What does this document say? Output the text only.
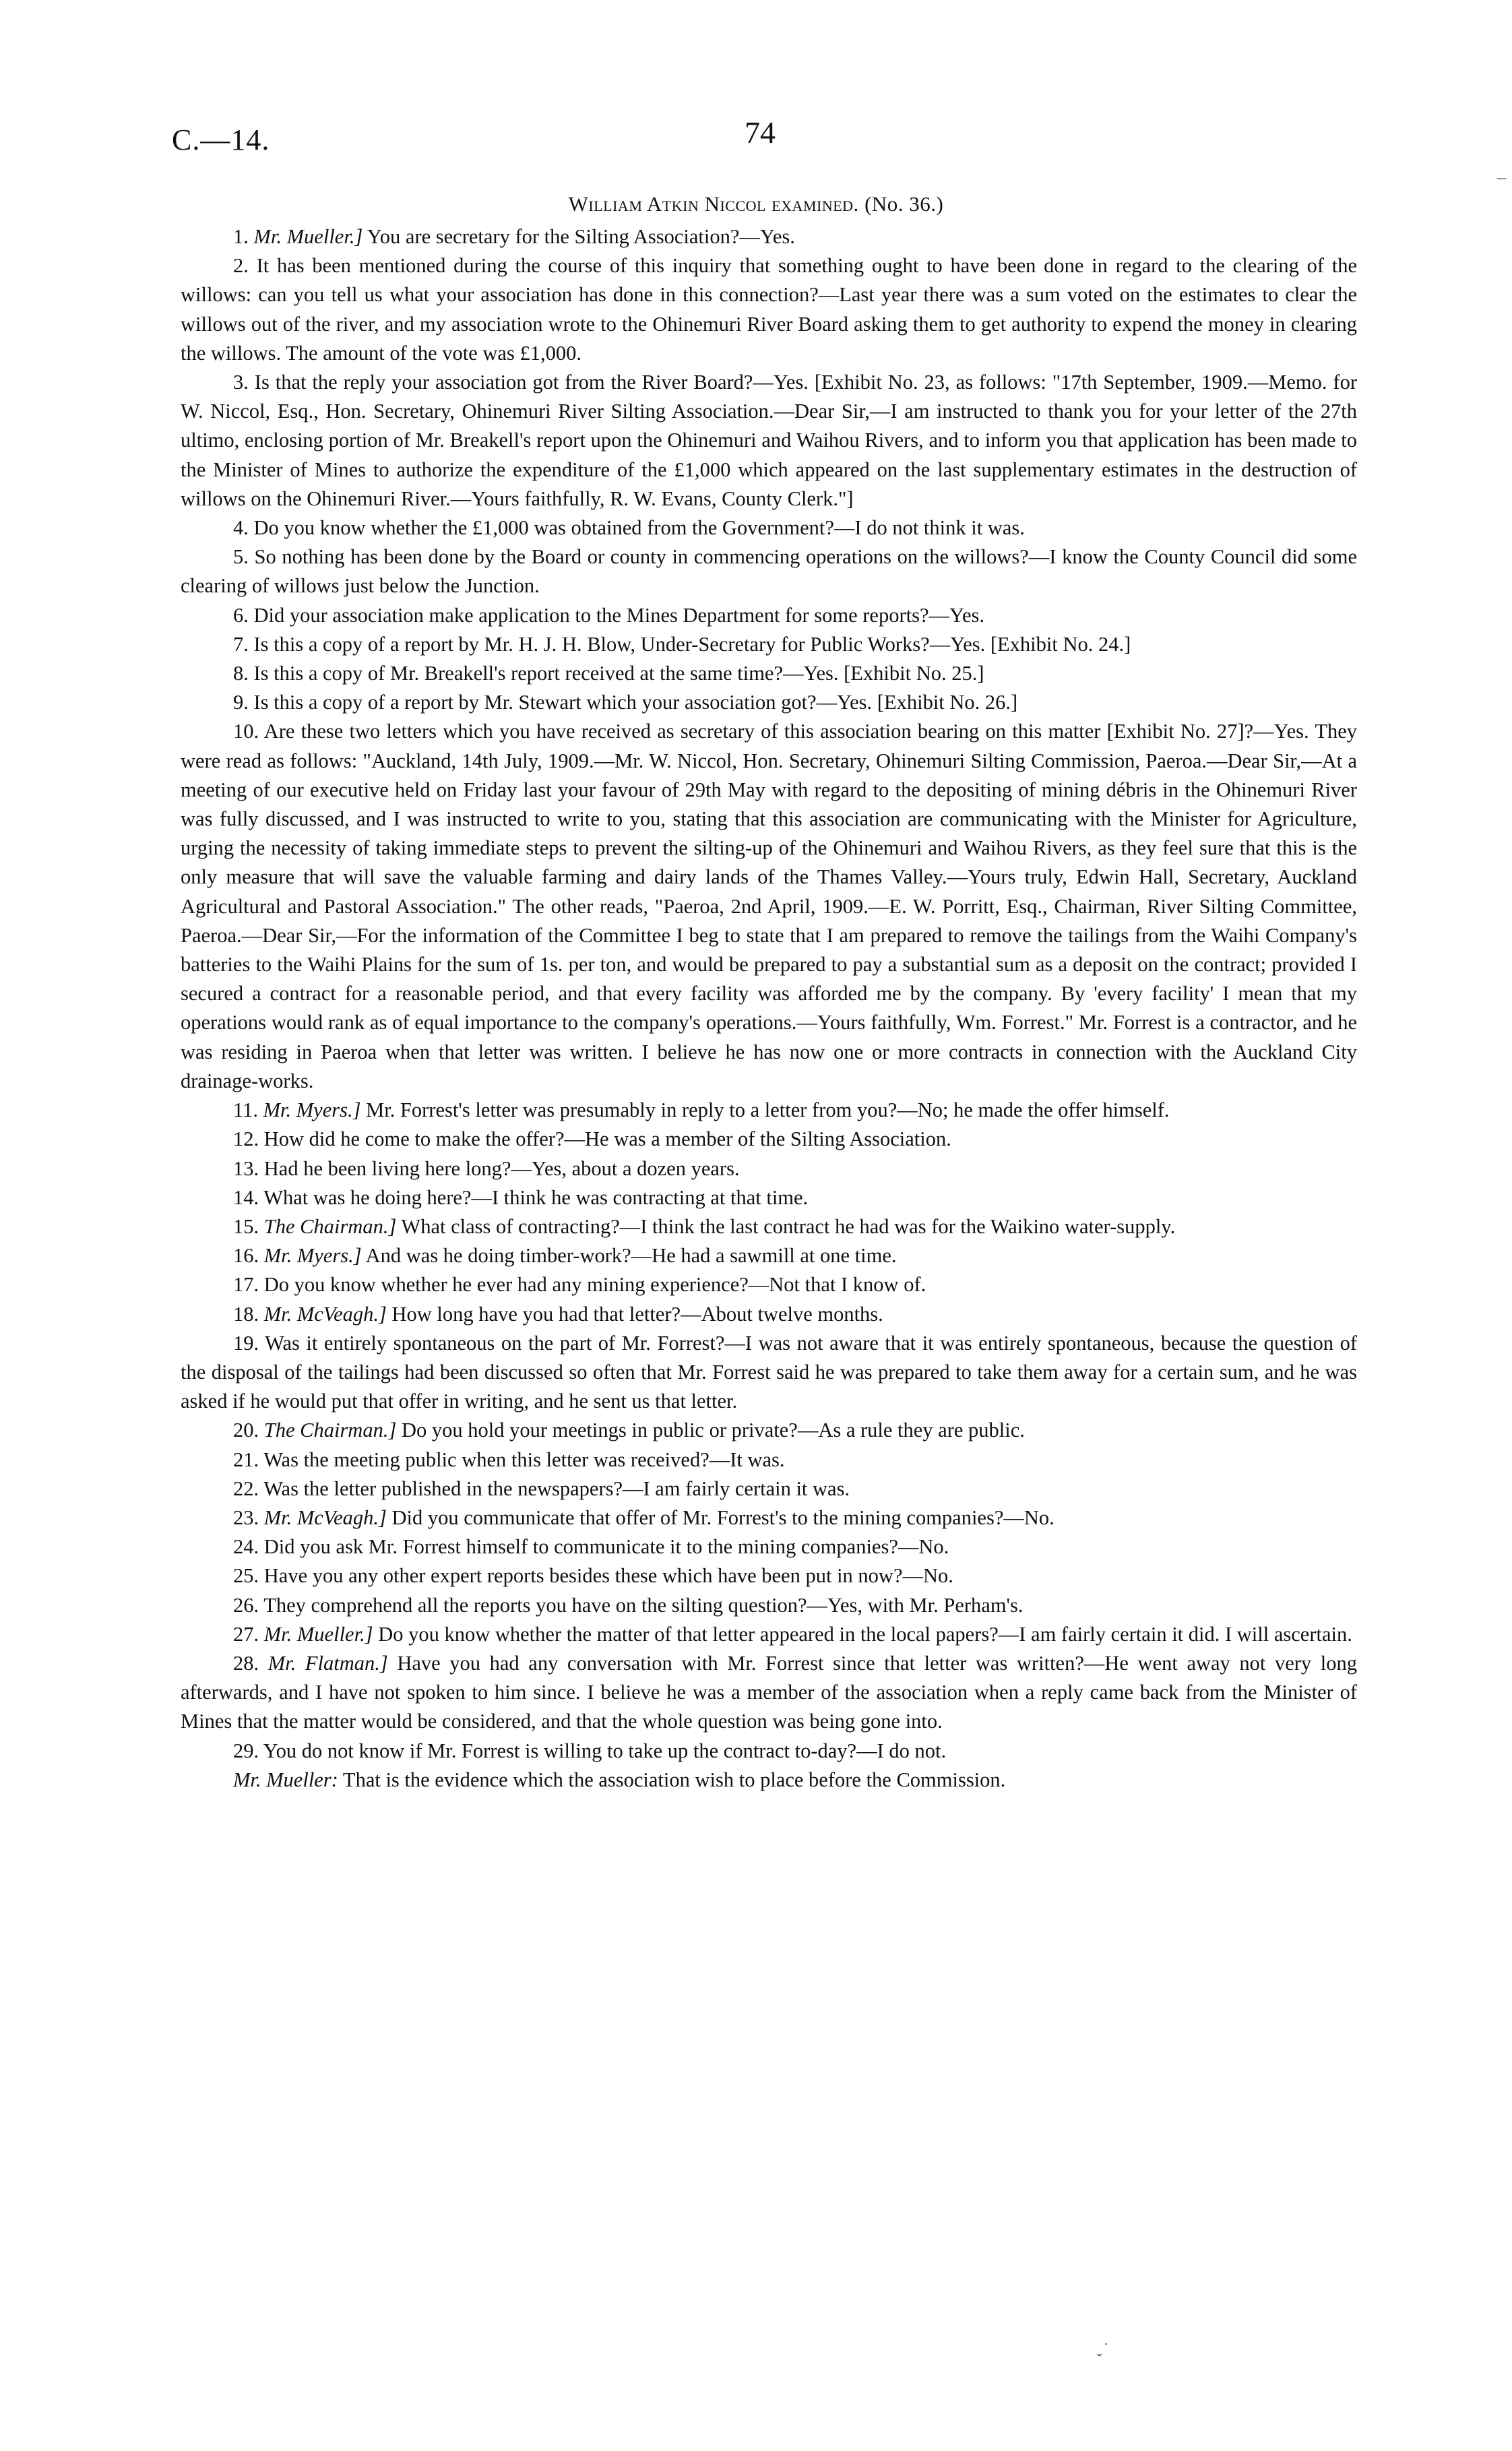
C.—14.	74
William Atkin Niccol examined. (No. 36.)

1. Mr. Mueller.] You are secretary for the Silting Association?—Yes.

2. It has been mentioned during the course of this inquiry that something ought to have been done in regard to the clearing of the willows: can you tell us what your association has done in this connection?—Last year there was a sum voted on the estimates to clear the willows out of the river, and my association wrote to the Ohinemuri River Board asking them to get authority to expend the money in clearing the willows. The amount of the vote was £1,000.

3. Is that the reply your association got from the River Board?—Yes. [Exhibit No. 23, as follows: "17th September, 1909.—Memo. for W. Niccol, Esq., Hon. Secretary, Ohinemuri River Silting Association.—Dear Sir,—I am instructed to thank you for your letter of the 27th ultimo, enclosing portion of Mr. Breakell's report upon the Ohinemuri and Waihou Rivers, and to inform you that application has been made to the Minister of Mines to authorize the expenditure of the £1,000 which appeared on the last supplementary estimates in the destruction of willows on the Ohinemuri River.—Yours faithfully, R. W. Evans, County Clerk."]

4. Do you know whether the £1,000 was obtained from the Government?—I do not think it was.

5. So nothing has been done by the Board or county in commencing operations on the willows?—I know the County Council did some clearing of willows just below the Junction.

6. Did your association make application to the Mines Department for some reports?—Yes.

7. Is this a copy of a report by Mr. H. J. H. Blow, Under-Secretary for Public Works?—Yes. [Exhibit No. 24.]

8. Is this a copy of Mr. Breakell's report received at the same time?—Yes. [Exhibit No. 25.]

9. Is this a copy of a report by Mr. Stewart which your association got?—Yes. [Exhibit No. 26.]

10. Are these two letters which you have received as secretary of this association bearing on this matter [Exhibit No. 27]?—Yes. They were read as follows: "Auckland, 14th July, 1909.—Mr. W. Niccol, Hon. Secretary, Ohinemuri Silting Commission, Paeroa.—Dear Sir,—At a meeting of our executive held on Friday last your favour of 29th May with regard to the depositing of mining débris in the Ohinemuri River was fully discussed, and I was instructed to write to you, stating that this association are communicating with the Minister for Agriculture, urging the necessity of taking immediate steps to prevent the silting-up of the Ohinemuri and Waihou Rivers, as they feel sure that this is the only measure that will save the valuable farming and dairy lands of the Thames Valley.—Yours truly, Edwin Hall, Secretary, Auckland Agricultural and Pastoral Association." The other reads, "Paeroa, 2nd April, 1909.—E. W. Porritt, Esq., Chairman, River Silting Committee, Paeroa.—Dear Sir,—For the information of the Committee I beg to state that I am prepared to remove the tailings from the Waihi Company's batteries to the Waihi Plains for the sum of 1s. per ton, and would be prepared to pay a substantial sum as a deposit on the contract; provided I secured a contract for a reasonable period, and that every facility was afforded me by the company. By 'every facility' I mean that my operations would rank as of equal importance to the company's operations.—Yours faithfully, Wm. Forrest." Mr. Forrest is a contractor, and he was residing in Paeroa when that letter was written. I believe he has now one or more contracts in connection with the Auckland City drainage-works.

11. Mr. Myers.] Mr. Forrest's letter was presumably in reply to a letter from you?—No; he made the offer himself.

12. How did he come to make the offer?—He was a member of the Silting Association.

13. Had he been living here long?—Yes, about a dozen years.

14. What was he doing here?—I think he was contracting at that time.

15. The Chairman.] What class of contracting?—I think the last contract he had was for the Waikino water-supply.

16. Mr. Myers.] And was he doing timber-work?—He had a sawmill at one time.

17. Do you know whether he ever had any mining experience?—Not that I know of.

18. Mr. McVeagh.] How long have you had that letter?—About twelve months.

19. Was it entirely spontaneous on the part of Mr. Forrest?—I was not aware that it was entirely spontaneous, because the question of the disposal of the tailings had been discussed so often that Mr. Forrest said he was prepared to take them away for a certain sum, and he was asked if he would put that offer in writing, and he sent us that letter.

20. The Chairman.] Do you hold your meetings in public or private?—As a rule they are public.

21. Was the meeting public when this letter was received?—It was.

22. Was the letter published in the newspapers?—I am fairly certain it was.

23. Mr. McVeagh.] Did you communicate that offer of Mr. Forrest's to the mining companies?—No.

24. Did you ask Mr. Forrest himself to communicate it to the mining companies?—No.

25. Have you any other expert reports besides these which have been put in now?—No.

26. They comprehend all the reports you have on the silting question?—Yes, with Mr. Perham's.

27. Mr. Mueller.] Do you know whether the matter of that letter appeared in the local papers?—I am fairly certain it did. I will ascertain.

28. Mr. Flatman.] Have you had any conversation with Mr. Forrest since that letter was written?—He went away not very long afterwards, and I have not spoken to him since. I believe he was a member of the association when a reply came back from the Minister of Mines that the matter would be considered, and that the whole question was being gone into.

29. You do not know if Mr. Forrest is willing to take up the contract to-day?—I do not.

Mr. Mueller: That is the evidence which the association wish to place before the Commission.

·
ˇ
¯
